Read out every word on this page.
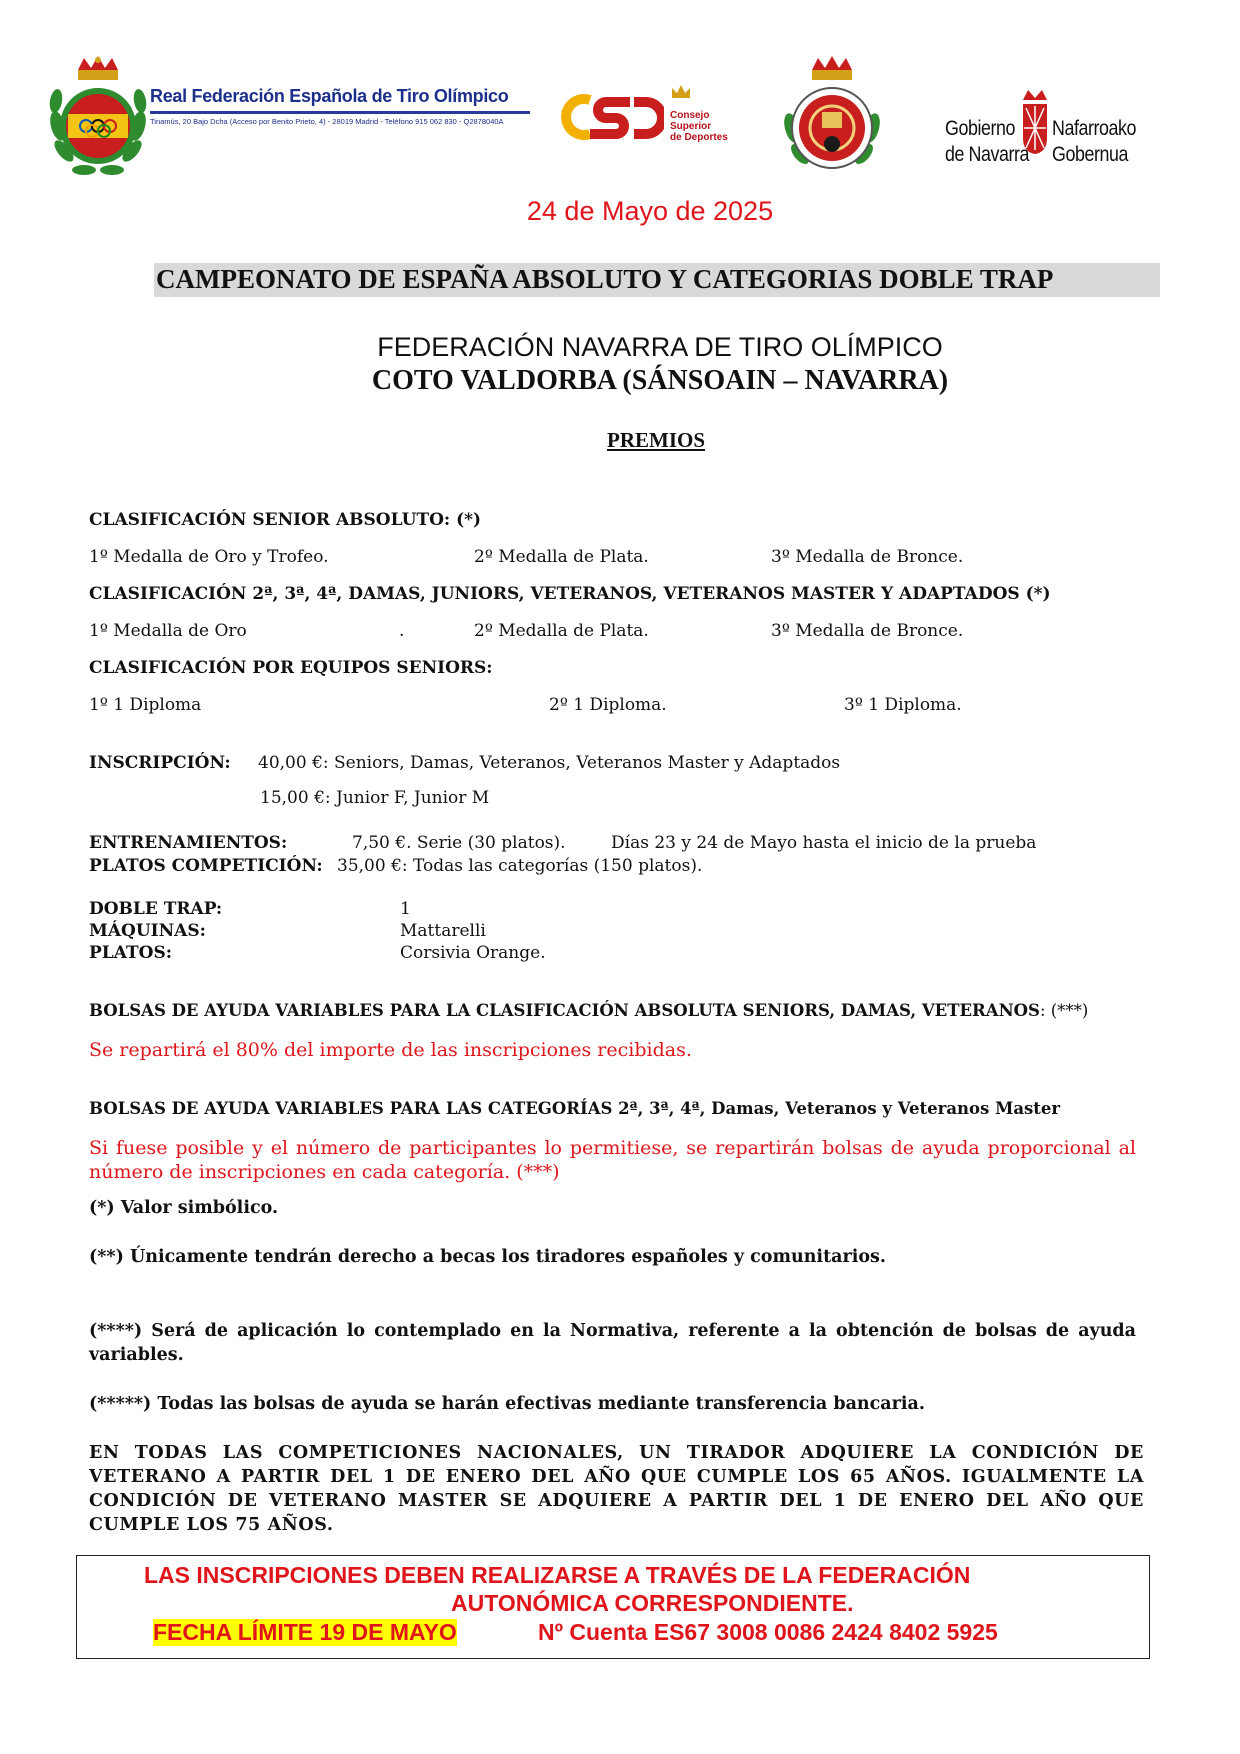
Real Federación Española de Tiro Olímpico
Tinamús, 20 Bajo Dcha (Acceso por Benito Prieto, 4) - 28019 Madrid - Teléfono 915 062 830 - Q2878040A
Consejo
Superior
de Deportes	Gobierno
de Navarra
Nafarroako
Gobernua
24 de Mayo de 2025
CAMPEONATO DE ESPAÑA ABSOLUTO Y CATEGORIAS DOBLE TRAP
FEDERACIÓN NAVARRA DE TIRO OLÍMPICO
COTO VALDORBA (SÁNSOAIN – NAVARRA)
PREMIOS
CLASIFICACIÓN SENIOR ABSOLUTO: (*)
1º Medalla de Oro y Trofeo.	2º Medalla de Plata.	3º Medalla de Bronce.
CLASIFICACIÓN 2ª, 3ª, 4ª, DAMAS, JUNIORS, VETERANOS, VETERANOS MASTER Y ADAPTADOS (*)
1º Medalla de Oro	.	2º Medalla de Plata.	3º Medalla de Bronce.
CLASIFICACIÓN POR EQUIPOS SENIORS:
1º 1 Diploma	2º 1 Diploma.	3º 1 Diploma.
INSCRIPCIÓN: 40,00 €: Seniors, Damas, Veteranos, Veteranos Master y Adaptados
15,00 €: Junior F, Junior M
ENTRENAMIENTOS:	7,50 €. Serie (30 platos).	Días 23 y 24 de Mayo hasta el inicio de la prueba
PLATOS COMPETICIÓN: 35,00 €: Todas las categorías (150 platos).
DOBLE TRAP:	1
MÁQUINAS:	Mattarelli
PLATOS:	Corsivia Orange.
BOLSAS DE AYUDA VARIABLES PARA LA CLASIFICACIÓN ABSOLUTA SENIORS, DAMAS, VETERANOS: (***)
Se repartirá el 80% del importe de las inscripciones recibidas.
BOLSAS DE AYUDA VARIABLES PARA LAS CATEGORÍAS 2ª, 3ª, 4ª, Damas, Veteranos y Veteranos Master
Si fuese posible y el número de participantes lo permitiese, se repartirán bolsas de ayuda proporcional al número de inscripciones en cada categoría. (***)
(*) Valor simbólico.
(**) Únicamente tendrán derecho a becas los tiradores españoles y comunitarios.
(****) Será de aplicación lo contemplado en la Normativa, referente a la obtención de bolsas de ayuda variables.
(*****) Todas las bolsas de ayuda se harán efectivas mediante transferencia bancaria.
EN TODAS LAS COMPETICIONES NACIONALES, UN TIRADOR ADQUIERE LA CONDICIÓN DE VETERANO A PARTIR DEL 1 DE ENERO DEL AÑO QUE CUMPLE LOS 65 AÑOS. IGUALMENTE LA CONDICIÓN DE VETERANO MASTER SE ADQUIERE A PARTIR DEL 1 DE ENERO DEL AÑO QUE CUMPLE LOS 75 AÑOS.
LAS INSCRIPCIONES DEBEN REALIZARSE A TRAVÉS DE LA FEDERACIÓN
AUTONÓMICA CORRESPONDIENTE.
FECHA LÍMITE 19 DE MAYO	Nº Cuenta ES67 3008 0086 2424 8402 5925
